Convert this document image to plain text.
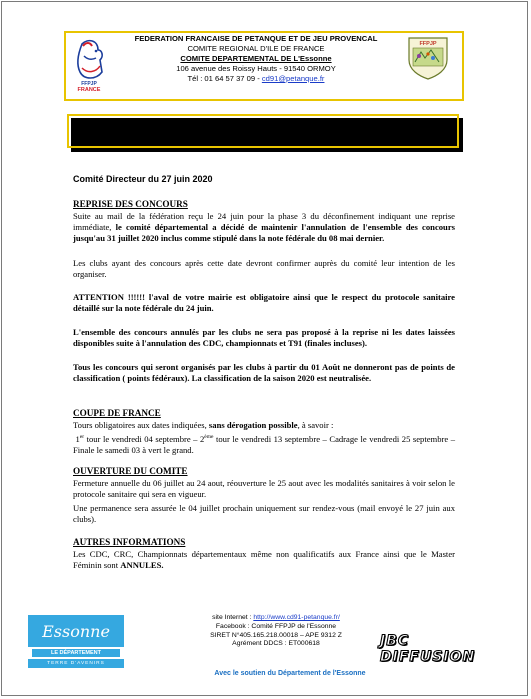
FFPJP
FRANCE
FEDERATION FRANCAISE DE PETANQUE ET DE JEU PROVENCAL
COMITE REGIONAL D'ILE DE FRANCE
COMITE DEPARTEMENTAL DE L'Essonne
106 avenue des Roissy Hauts - 91540 ORMOY
Tél : 01 64 57 37 09 - cd91@petanque.fr
FFPJP
RELEVE DE DECISIONS CD 91
Comité Directeur du 27 juin 2020
REPRISE DES CONCOURS
Suite au mail de la fédération reçu le 24 juin pour la phase 3 du déconfinement indiquant une reprise immédiate, le comité départemental a décidé de maintenir l'annulation de l'ensemble des concours jusqu'au 31 juillet 2020 inclus comme stipulé dans la note fédérale du 08 mai dernier.
Les clubs ayant des concours après cette date devront confirmer auprès du comité leur intention de les organiser.
ATTENTION !!!!!! l'aval de votre mairie est obligatoire ainsi que le respect du protocole sanitaire détaillé sur la note fédérale du 24 juin.
L'ensemble des concours annulés par les clubs ne sera pas proposé à la reprise ni les dates laissées disponibles suite à l'annulation des CDC, championnats et T91 (finales incluses).
Tous les concours qui seront organisés par les clubs à partir du 01 Août ne donneront pas de points de classification ( points fédéraux). La classification de la saison 2020 est neutralisée.
COUPE DE FRANCE
Tours obligatoires aux dates indiquées, sans dérogation possible, à savoir :
1er tour le vendredi 04 septembre – 2ème tour le vendredi 13 septembre – Cadrage le vendredi 25 septembre – Finale le samedi 03 à vert le grand.
OUVERTURE DU COMITE
Fermeture annuelle du 06 juillet au 24 aout, réouverture le 25 aout avec les modalités sanitaires à voir selon le protocole sanitaire qui sera en vigueur.
Une permanence sera assurée le 04 juillet prochain uniquement sur rendez-vous (mail envoyé le 27 juin aux clubs).
AUTRES INFORMATIONS
Les CDC, CRC, Championnats départementaux même non qualificatifs aux France ainsi que le Master Féminin sont ANNULES.
Essonne
LE DÉPARTEMENT
TERRE D'AVENIRS
site Internet : http://www.cd91-petanque.fr/
Facebook : Comité FFPJP de l'Essonne
SIRET N°405.165.218.00018 – APE 9312 Z
Agrément DDCS : ET000618	JBC DIFFUSION
Avec le soutien du Département de l'Essonne
